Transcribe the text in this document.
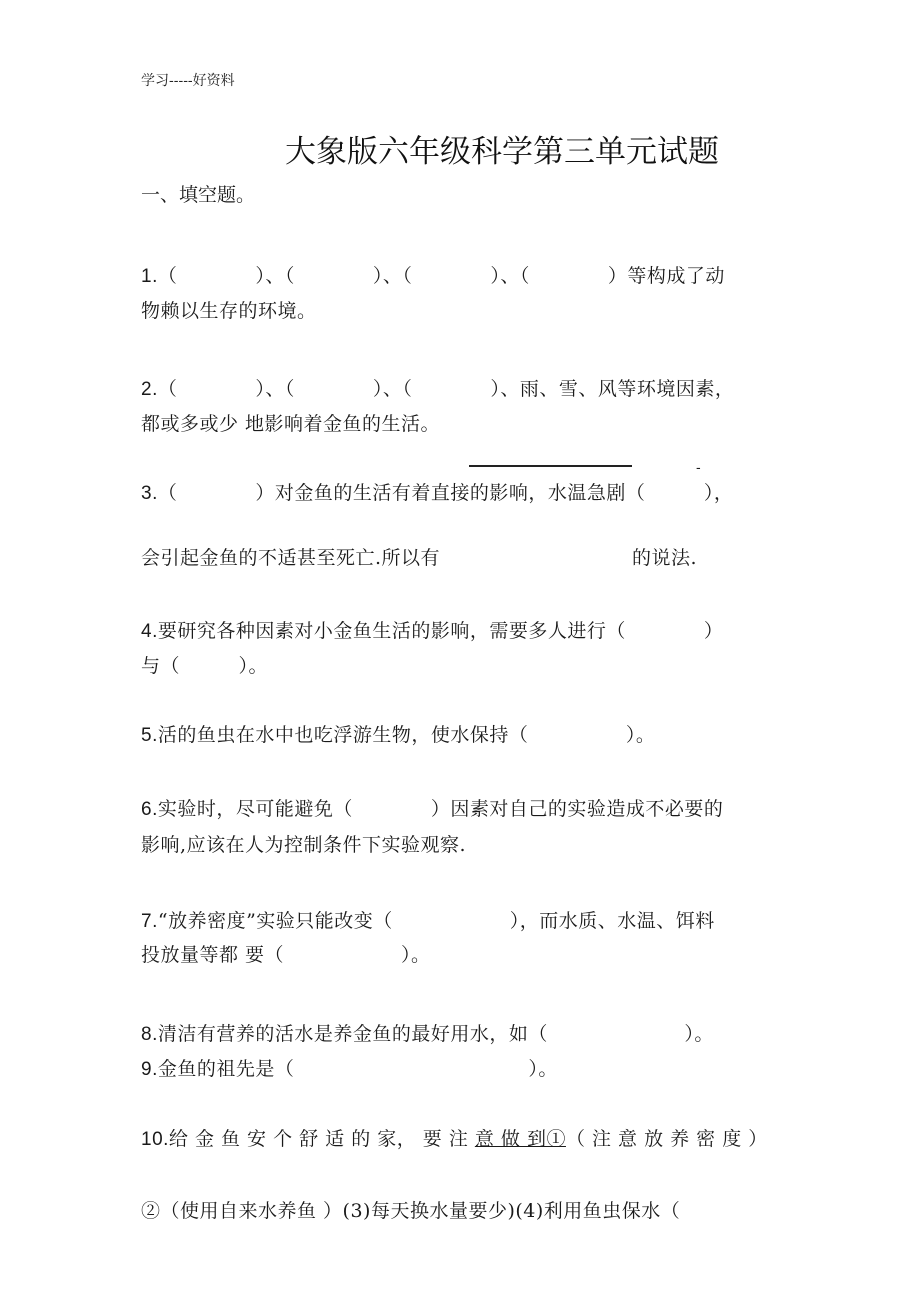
学习-----好资料
大象版六年级科学第三单元试题
一、填空题。
1.（　　　　）、（　　　　）、（　　　　）、（　　　　）等构成了动
物赖以生存的环境。
2.（　　　　）、（　　　　）、（　　　　）、雨、雪、风等环境因素，
都或多或少 地影响着金鱼的生活。
-
3.（　　　　）对金鱼的生活有着直接的影响，水温急剧（　　　），
会引起金鱼的不适甚至死亡.所以有	的说法.
4.要研究各种因素对小金鱼生活的影响，需要多人进行（　　　　）
与（　　　）。
5.活的鱼虫在水中也吃浮游生物，使水保持（　　　　　）。
6.实验时，尽可能避免（　　　　）因素对自己的实验造成不必要的
影响,应该在人为控制条件下实验观察.
7.“放养密度”实验只能改变（　　　　　　），而水质、水温、饵料
投放量等都 要（　　　　　　）。
8.清洁有营养的活水是养金鱼的最好用水，如（　　　　　　　）。
9.金鱼的祖先是（　　　　　　　　　　　　）。
10.给 金 鱼 安 个 舒 适 的 家， 要 注 意 做 到①（ 注 意 放 养 密 度 ）
②（使用自来水养鱼 ）(3)每天换水量要少)(4)利用鱼虫保水（
